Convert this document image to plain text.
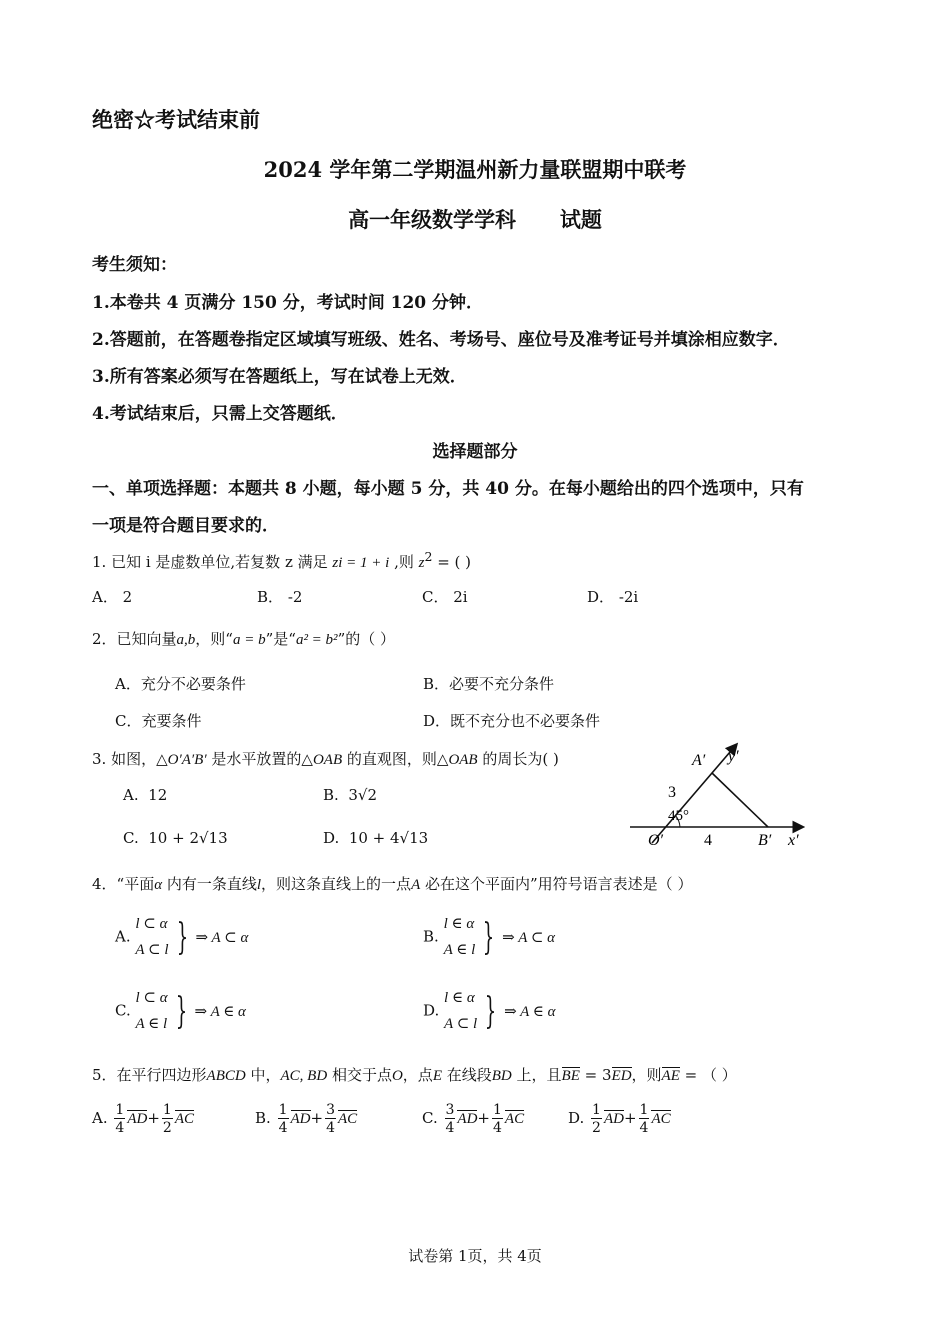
绝密☆考试结束前
2024 学年第二学期温州新力量联盟期中联考
高一年级数学学科      试题
考生须知：
1.本卷共 4 页满分 150 分，考试时间 120 分钟．
2.答题前，在答题卷指定区域填写班级、姓名、考场号、座位号及准考证号并填涂相应数字．
3.所有答案必须写在答题纸上，写在试卷上无效．
4.考试结束后，只需上交答题纸．
选择题部分
一、单项选择题：本题共 8 小题，每小题 5 分，共 40 分。在每小题给出的四个选项中，只有
一项是符合题目要求的．
1. 已知 i 是虚数单位,若复数 z 满足 zi = 1 + i ,则 $z^2$ = ( )
A． 2	B． -2	C． 2i	D． -2i
2．已知向量a,b，则“a = b”是“a² = b²”的（ ）
A．充分不必要条件	B．必要不充分条件
C．充要条件	D．既不充分也不必要条件
3. 如图，△O′A′B′ 是水平放置的△OAB 的直观图，则△OAB 的周长为( )
A. 12	B. 3√2
C. 10 + 2√13	D. 10 + 4√13
A′ y′
3
45°
O′	4	B′ x′
4．“平面α 内有一条直线l，则这条直线上的一点A 必在这个平面内”用符号语言表述是（ ）
A.
l ⊂ α
A ⊂ l } ⇒ A ⊂ α	B.
l ∈ α
A ∈ l } ⇒ A ⊂ α
C.
l ⊂ α
A ∈ l } ⇒ A ∈ α	D.
l ∈ α
A ⊂ l } ⇒ A ∈ α
5．在平行四边形ABCD 中，AC, BD 相交于点O，点E 在线段BD 上，且BE = 3ED，则AE = （ ）
A. $\frac{1}{4} AD+ \frac{1}{2}$ AC	B. $\frac{1}{4} AD+ \frac{3}{4}$ AC	C. $\frac{3}{4} AD+ \frac{1}{4}$ AC	D. $\frac{1}{2} AD+ \frac{1}{4}$ AC
试卷第 1页，共 4页
